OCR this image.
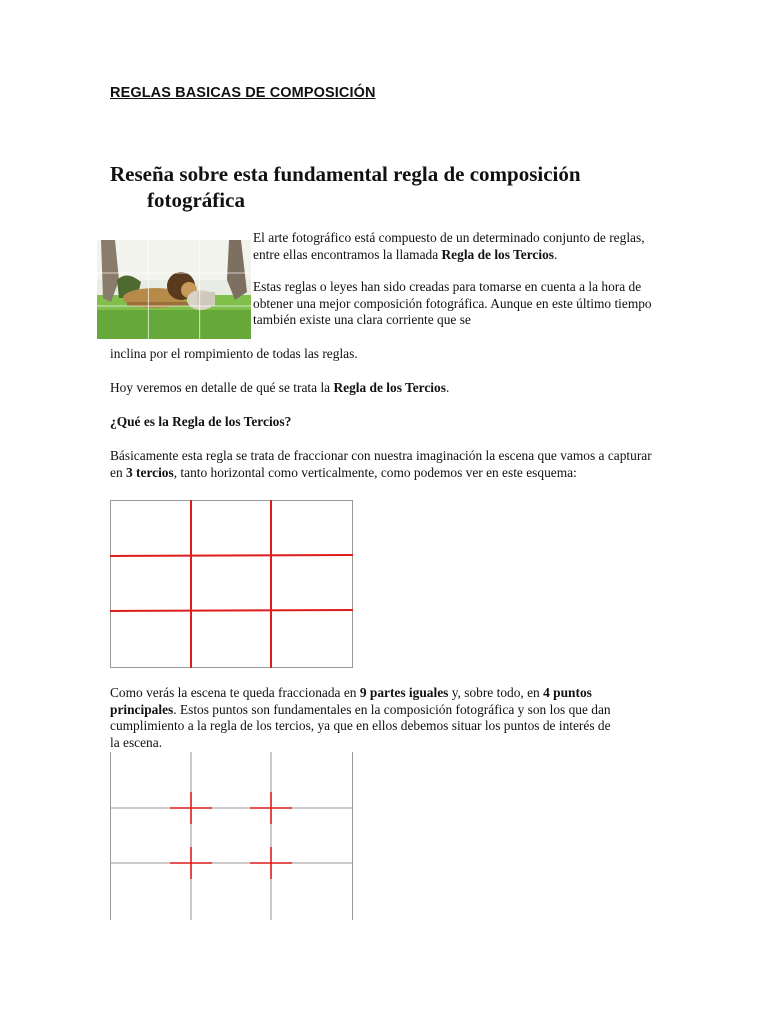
REGLAS BASICAS DE COMPOSICIÓN
Reseña sobre esta fundamental regla de composición
fotográfica

El arte fotográfico está compuesto de un determinado conjunto de reglas, entre ellas encontramos la llamada Regla de los Tercios.

Estas reglas o leyes han sido creadas para tomarse en cuenta a la hora de obtener una mejor composición fotográfica. Aunque en este último tiempo también existe una clara corriente que se

inclina por el rompimiento de todas las reglas.

Hoy veremos en detalle de qué se trata la Regla de los Tercios.

¿Qué es la Regla de los Tercios?

Básicamente esta regla se trata de fraccionar con nuestra imaginación la escena que vamos a capturar en 3 tercios, tanto horizontal como verticalmente, como podemos ver en este esquema:

Como verás la escena te queda fraccionada en 9 partes iguales y, sobre todo, en 4 puntos principales. Estos puntos son fundamentales en la composición fotográfica y son los que dan cumplimiento a la regla de los tercios, ya que en ellos debemos situar los puntos de interés de la escena.
